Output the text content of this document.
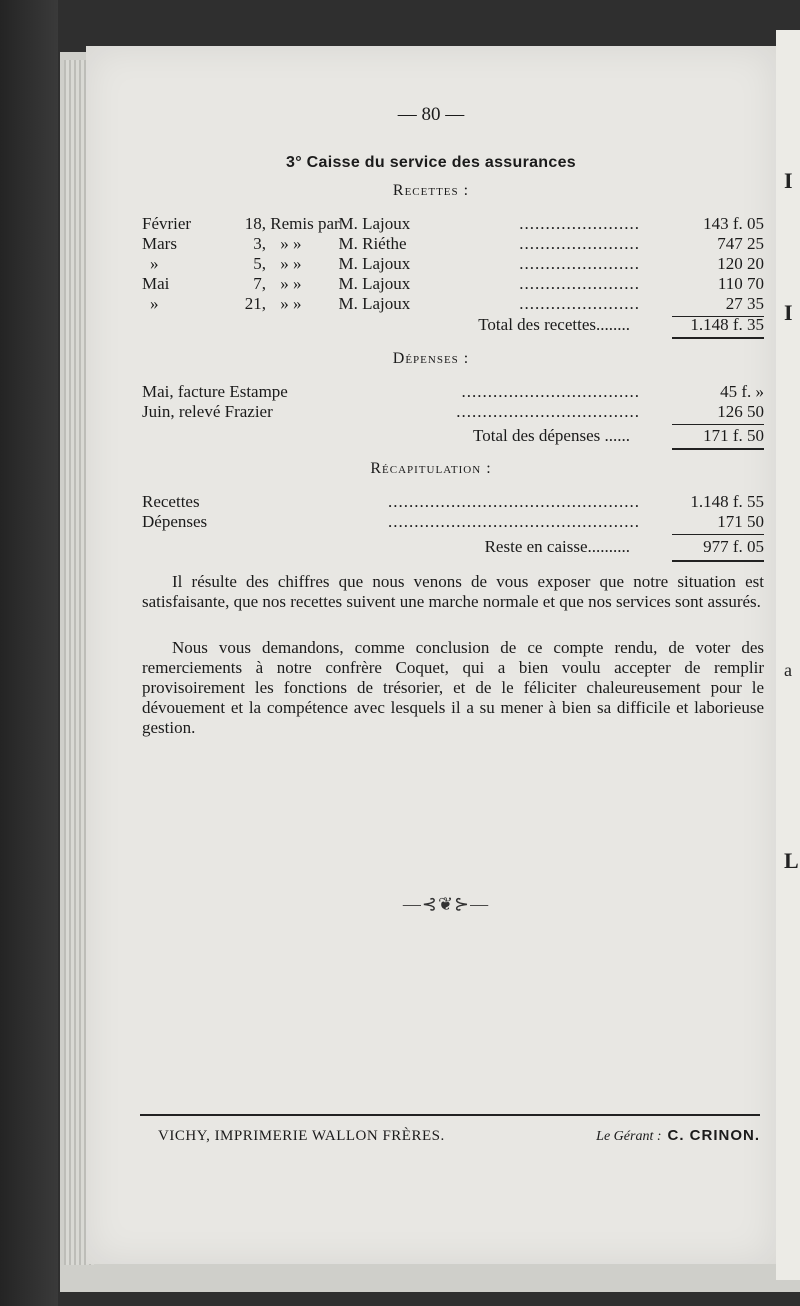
I
I
a
L
— 80 —
3° Caisse du service des assurances
Recettes :
Février	18, Remis par M. Lajoux	.......................	143 f. 05
Mars	3, » » M. Riéthe	.......................	747 25
»	5, » » M. Lajoux	.......................	120 20
Mai	7, » » M. Lajoux	.......................	110 70
»	21, » » M. Lajoux	.......................	27 35
Total des recettes........	1.148 f. 35
Dépenses :
Mai, facture Estampe	..................................	45 f. »
Juin, relevé Frazier	...................................	126 50
Total des dépenses ......	171 f. 50
Récapitulation :
Recettes	................................................	1.148 f. 55
Dépenses	................................................	171 50
Reste en caisse..........	977 f. 05

Il résulte des chiffres que nous venons de vous exposer que notre situation est satisfaisante, que nos recettes suivent une marche normale et que nos services sont assurés.

Nous vous demandons, comme conclusion de ce compte rendu, de voter des remerciements à notre confrère Coquet, qui a bien voulu accepter de remplir provisoirement les fonctions de trésorier, et de le féliciter chaleureusement pour le dévouement et la compétence avec lesquels il a su mener à bien sa difficile et laborieuse gestion.

—⊰❦⊱—
VICHY, IMPRIMERIE WALLON FRÈRES.	Le Gérant : C. CRINON.
